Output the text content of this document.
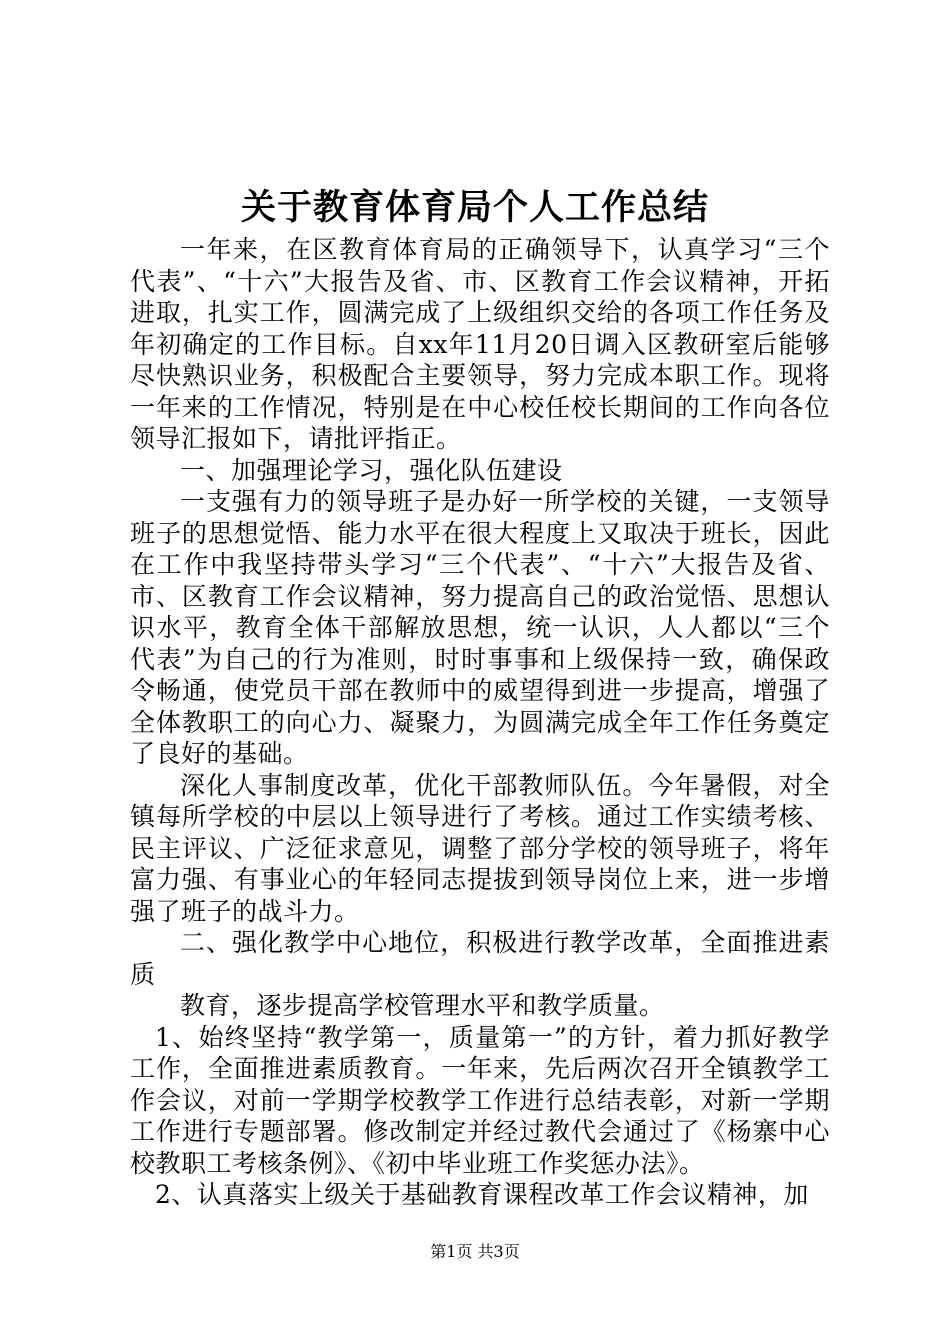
关于教育体育局个人工作总结

一年来，在区教育体育局的正确领导下，认真学习“三个代表”、“十六”大报告及省、市、区教育工作会议精神，开拓进取，扎实工作，圆满完成了上级组织交给的各项工作任务及年初确定的工作目标。自xx年11月20日调入区教研室后能够尽快熟识业务，积极配合主要领导，努力完成本职工作。现将一年来的工作情况，特别是在中心校任校长期间的工作向各位领导汇报如下，请批评指正。

一、加强理论学习，强化队伍建设

一支强有力的领导班子是办好一所学校的关键，一支领导班子的思想觉悟、能力水平在很大程度上又取决于班长，因此在工作中我坚持带头学习“三个代表”、“十六”大报告及省、市、区教育工作会议精神，努力提高自己的政治觉悟、思想认识水平，教育全体干部解放思想，统一认识，人人都以“三个代表”为自己的行为准则，时时事事和上级保持一致，确保政令畅通，使党员干部在教师中的威望得到进一步提高，增强了全体教职工的向心力、凝聚力，为圆满完成全年工作任务奠定了良好的基础。

深化人事制度改革，优化干部教师队伍。今年暑假，对全镇每所学校的中层以上领导进行了考核。通过工作实绩考核、民主评议、广泛征求意见，调整了部分学校的领导班子，将年富力强、有事业心的年轻同志提拔到领导岗位上来，进一步增强了班子的战斗力。

二、强化教学中心地位，积极进行教学改革，全面推进素质

教育，逐步提高学校管理水平和教学质量。

1、始终坚持“教学第一，质量第一”的方针，着力抓好教学工作，全面推进素质教育。一年来，先后两次召开全镇教学工作会议，对前一学期学校教学工作进行总结表彰，对新一学期工作进行专题部署。修改制定并经过教代会通过了《杨寨中心校教职工考核条例》、《初中毕业班工作奖惩办法》。

2、认真落实上级关于基础教育课程改革工作会议精神，加

第1页 共3页
